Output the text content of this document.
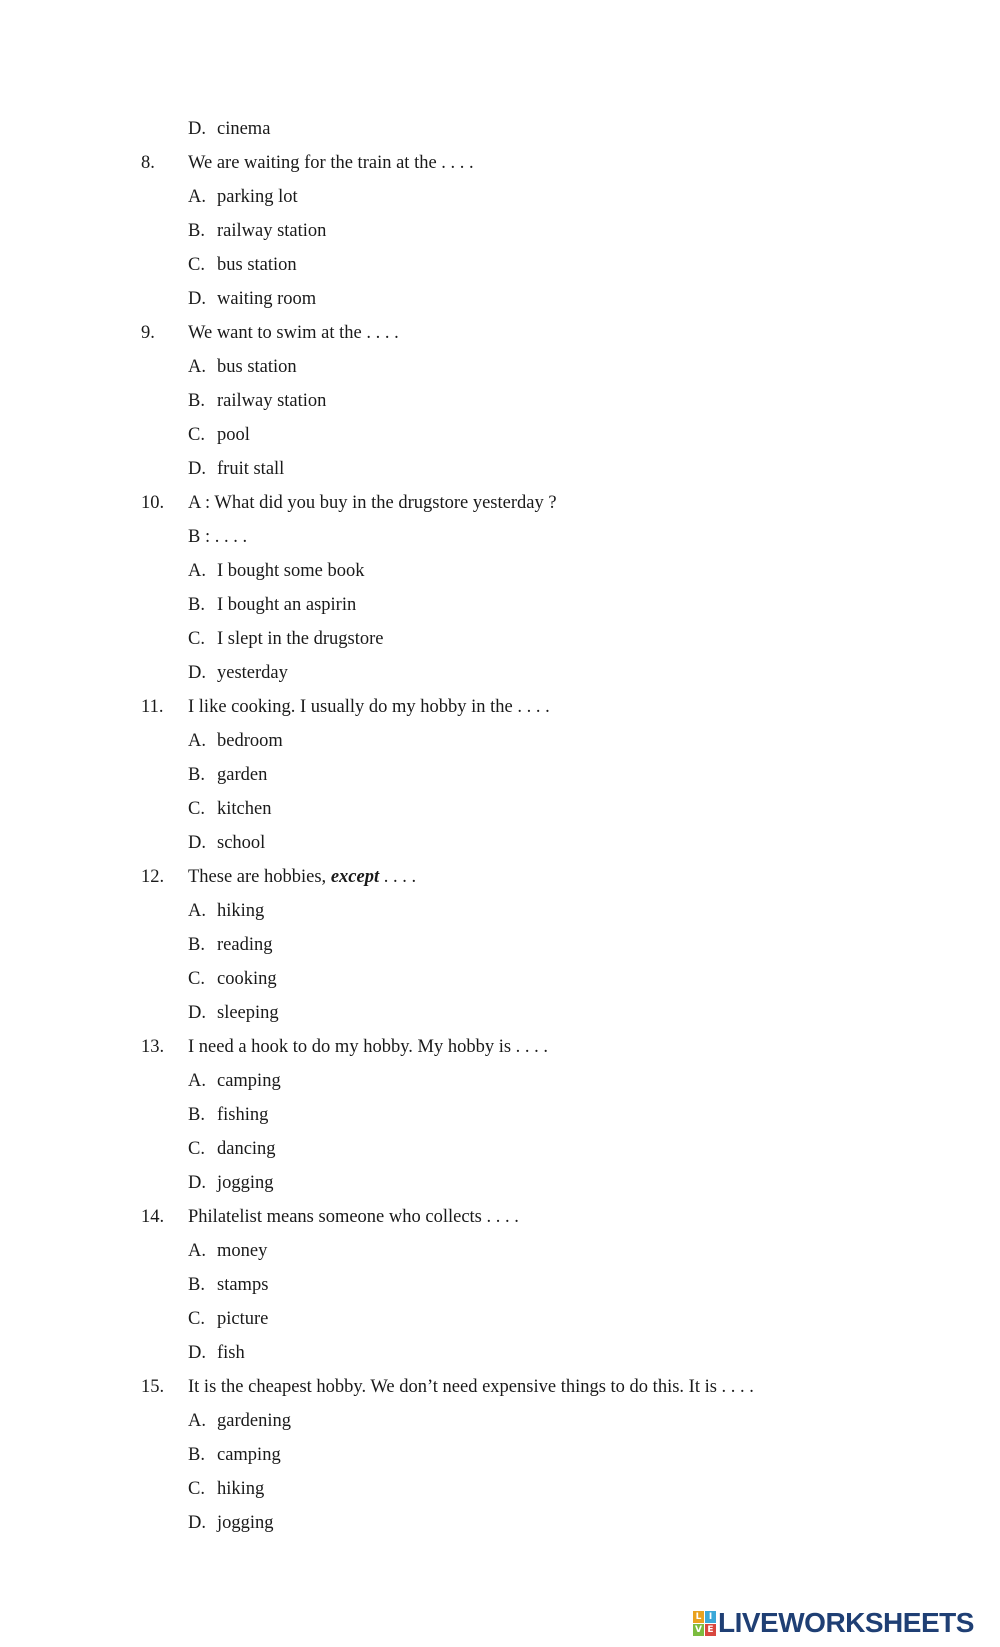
D. cinema
8. We are waiting for the train at the . . . .
A. parking lot
B. railway station
C. bus station
D. waiting room
9. We want to swim at the . . . .
A. bus station
B. railway station
C. pool
D. fruit stall
10. A : What did you buy in the drugstore yesterday ?
B : . . . .
A. I bought some book
B. I bought an aspirin
C. I slept in the drugstore
D. yesterday
11. I like cooking. I usually do my hobby in the . . . .
A. bedroom
B. garden
C. kitchen
D. school
12. These are hobbies, except . . . .
A. hiking
B. reading
C. cooking
D. sleeping
13. I need a hook to do my hobby. My hobby is . . . .
A. camping
B. fishing
C. dancing
D. jogging
14. Philatelist means someone who collects . . . .
A. money
B. stamps
C. picture
D. fish
15. It is the cheapest hobby. We don’t need expensive things to do this. It is . . . .
A. gardening
B. camping
C. hiking
D. jogging
L I
V E LIVEWORKSHEETS
